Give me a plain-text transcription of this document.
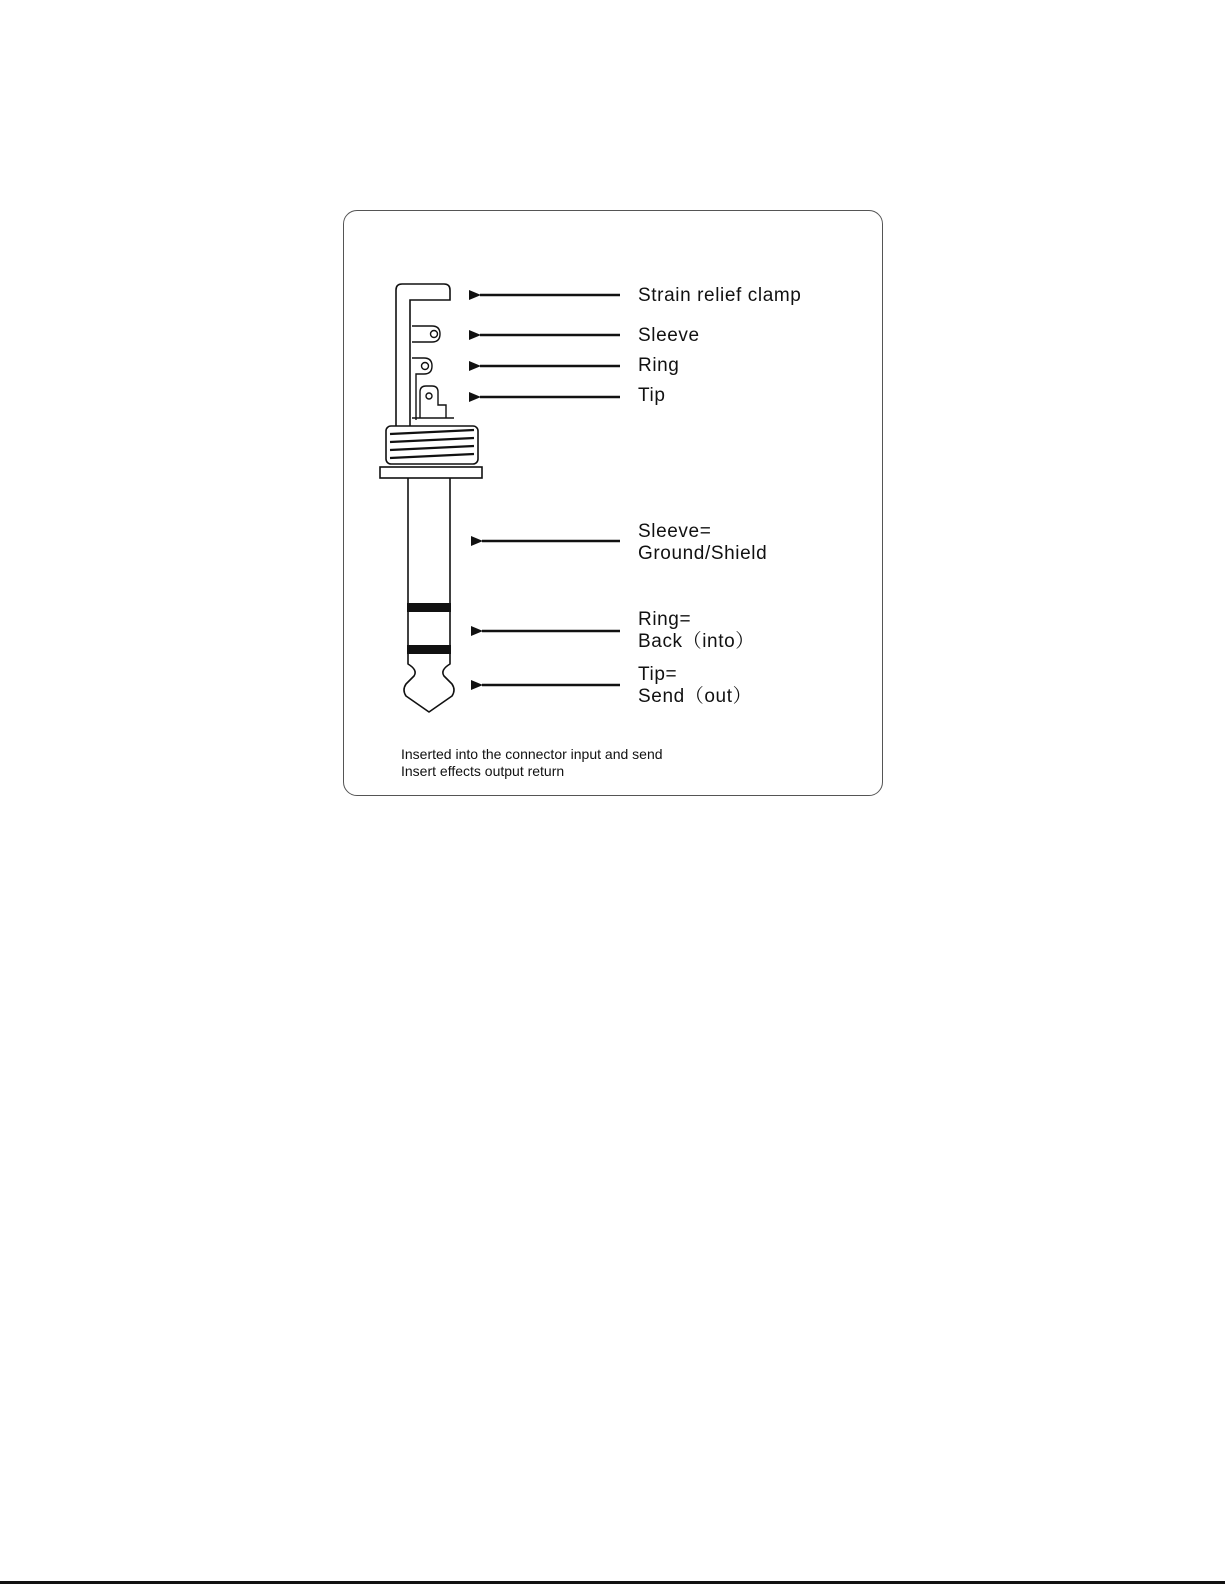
Strain relief clamp
Sleeve
Ring
Tip
Sleeve=
Ground/Shield
Ring=
Back（into）
Tip=
Send（out）
Inserted into the connector input and send
Insert effects output return
